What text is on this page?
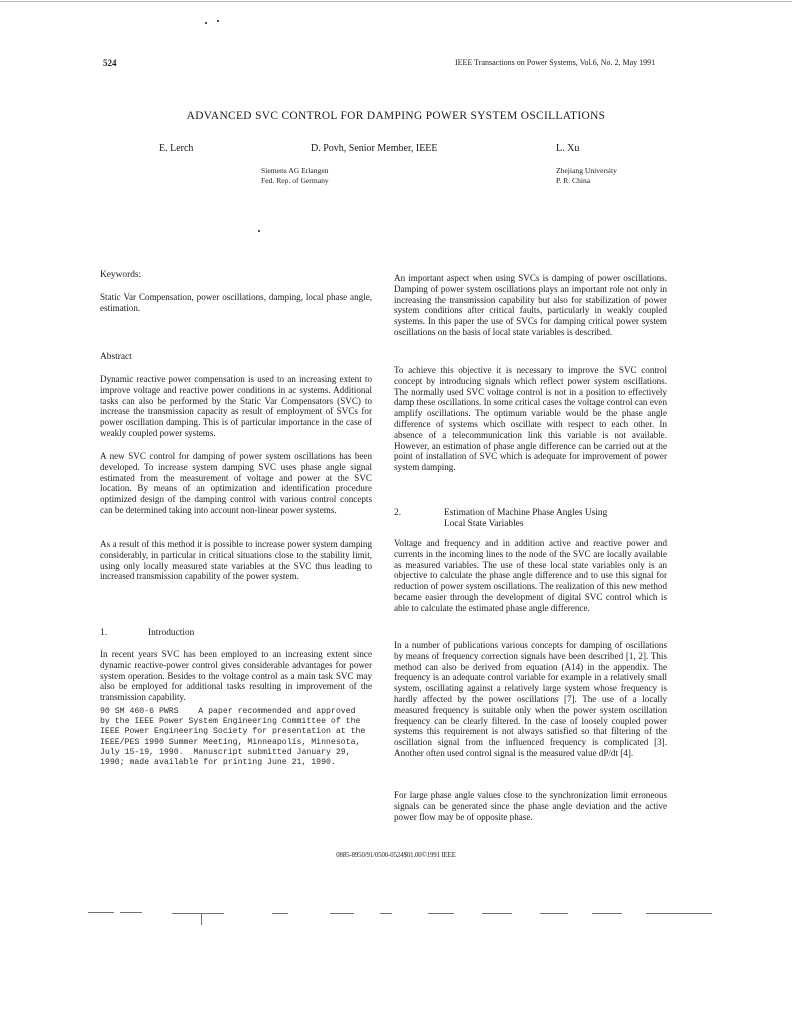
524	IEEE Transactions on Power Systems, Vol.6, No. 2, May 1991
ADVANCED SVC CONTROL FOR DAMPING POWER SYSTEM OSCILLATIONS
E. Lerch	D. Povh, Senior Member, IEEE	L. Xu
Siemens AG Erlangen
Fed. Rep. of Germany
Zhejiang University
P. R. China
Keywords:

Static Var Compensation, power oscillations, damping, local phase angle, estimation.

Abstract

Dynamic reactive power compensation is used to an increasing extent to improve voltage and reactive power conditions in ac systems. Additional tasks can also be performed by the Static Var Compensators (SVC) to increase the transmission capacity as result of employment of SVCs for power oscillation damping. This is of particular importance in the case of weakly coupled power systems.

A new SVC control for damping of power system oscillations has been developed. To increase system damping SVC uses phase angle signal estimated from the measurement of voltage and power at the SVC location. By means of an optimization and identification procedure optimized design of the damping control with various control concepts can be determined taking into account non-linear power systems.

As a result of this method it is possible to increase power system damping considerably, in particular in critical situations close to the stability limit, using only locally measured state variables at the SVC thus leading to increased transmission capability of the power system.

1.	Introduction

In recent years SVC has been employed to an increasing extent since dynamic reactive-power control gives considerable advantages for power system operation. Besides to the voltage control as a main task SVC may also be employed for additional tasks resulting in improvement of the transmission capability.

90 SM 460-6 PWRS    A paper recommended and approved
by the IEEE Power System Engineering Committee of the
IEEE Power Engineering Society for presentation at the
IEEE/PES 1990 Summer Meeting, Minneapolis, Minnesota,
July 15-19, 1990.  Manuscript submitted January 29,
1990; made available for printing June 21, 1990.

An important aspect when using SVCs is damping of power oscillations. Damping of power system oscillations plays an important role not only in increasing the transmission capability but also for stabilization of power system conditions after critical faults, particularly in weakly coupled systems. In this paper the use of SVCs for damping critical power system oscillations on the basis of local state variables is described.

To achieve this objective it is necessary to improve the SVC control concept by introducing signals which reflect power system oscillations. The normally used SVC voltage control is not in a position to effectively damp these oscillations. In some critical cases the voltage control can even amplify oscillations. The optimum variable would be the phase angle difference of systems which oscillate with respect to each other. In absence of a telecommunication link this variable is not available. However, an estimation of phase angle difference can be carried out at the point of installation of SVC which is adequate for improvement of power system damping.

2.	Estimation of Machine Phase Angles Using
Local State Variables

Voltage and frequency and in addition active and reactive power and currents in the incoming lines to the node of the SVC are locally available as measured variables. The use of these local state variables only is an objective to calculate the phase angle difference and to use this signal for reduction of power system oscillations. The realization of this new method became easier through the development of digital SVC control which is able to calculate the estimated phase angle difference.

In a number of publications various concepts for damping of oscillations by means of frequency correction signals have been described [1, 2]. This method can also be derived from equation (A14) in the appendix. The frequency is an adequate control variable for example in a relatively small system, oscillating against a relatively large system whose frequency is hardly affected by the power oscillations [7]. The use of a locally measured frequency is suitable only when the power system oscillation frequency can be clearly filtered. In the case of loosely coupled power systems this requirement is not always satisfied so that filtering of the oscillation signal from the influenced frequency is complicated [3]. Another often used control signal is the measured value dP/dt [4].

For large phase angle values close to the synchronization limit erroneous signals can be generated since the phase angle deviation and the active power flow may be of opposite phase.

0885-8950/91/0500-0524$01.00©1991 IEEE
